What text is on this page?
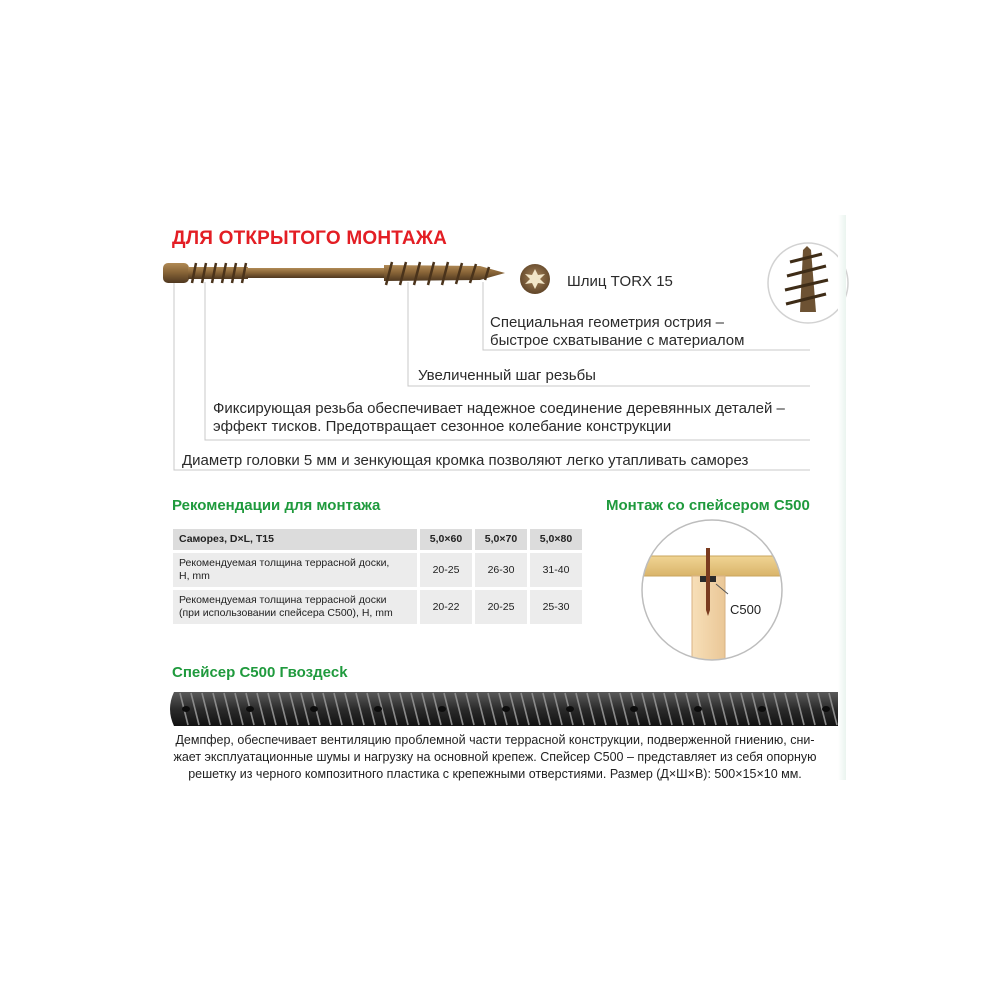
ДЛЯ ОТКРЫТОГО МОНТАЖА
Шлиц TORX 15
Специальная геометрия острия –
быстрое схватывание с материалом
Увеличенный шаг резьбы
Фиксирующая резьба обеспечивает надежное соединение деревянных деталей –
эффект тисков. Предотвращает сезонное колебание конструкции
Диаметр головки 5 мм и зенкующая кромка позволяют легко утапливать саморез
Рекомендации для монтажа
Саморез, D×L, T15	5,0×60	5,0×70	5,0×80

Рекомендуемая толщина террасной доски,
H, mm	20-25	26-30	31-40

Рекомендуемая толщина террасной доски
(при использовании спейсера С500), H, mm	20-22	20-25	25-30
Монтаж со спейсером С500
С500
Спейсер С500 Гвоздeck
Демпфер, обеспечивает вентиляцию проблемной части террасной конструкции, подверженной гниению, сни-
жает эксплуатационные шумы и нагрузку на основной крепеж. Спейсер С500 – представляет из себя опорную
решетку из черного композитного пластика с крепежными отверстиями. Размер (Д×Ш×В): 500×15×10 мм.
